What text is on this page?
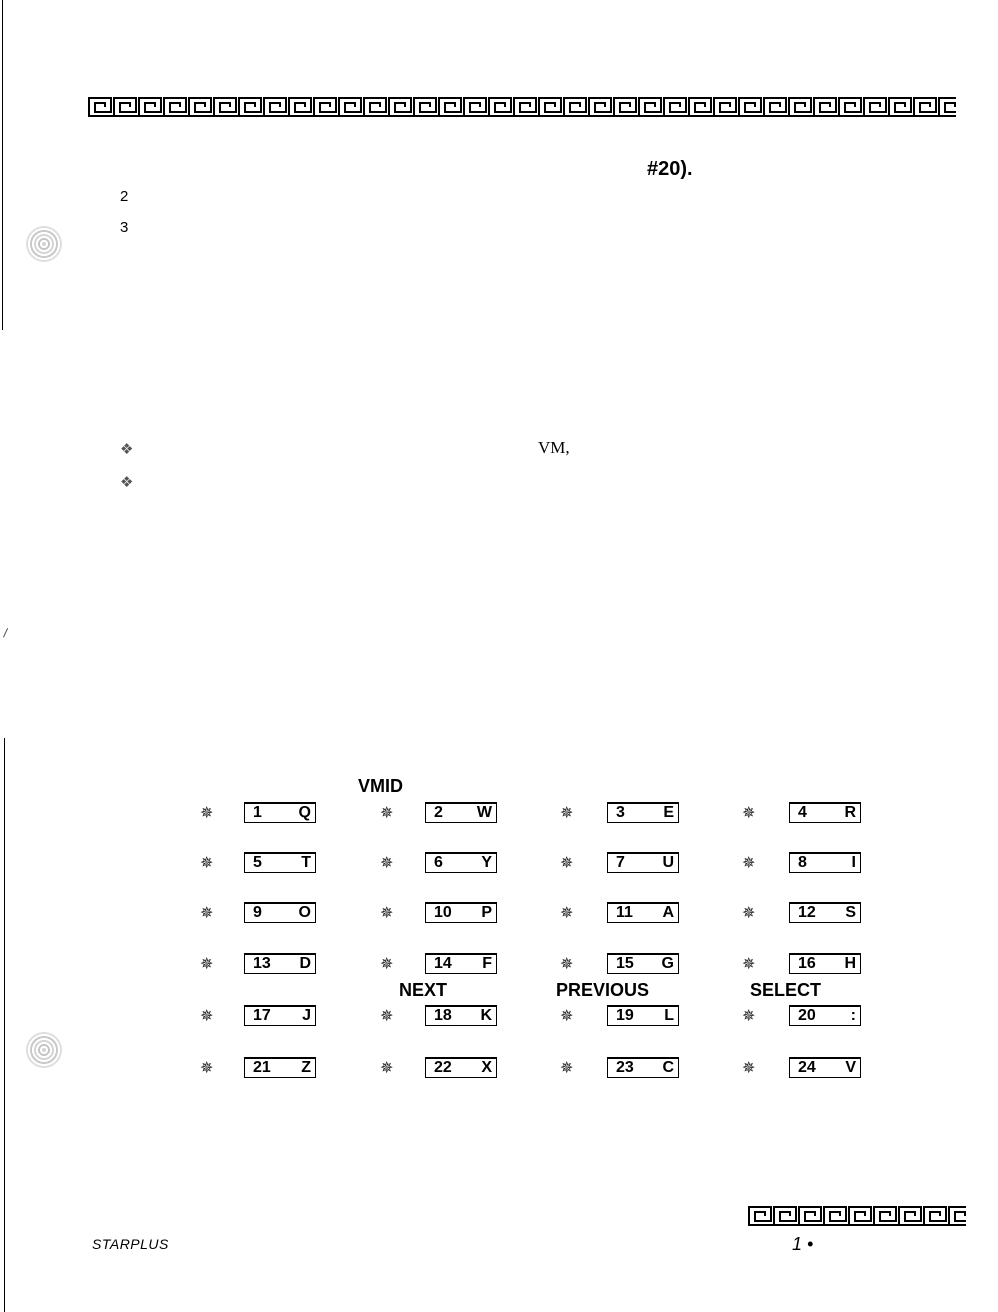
#20).
2
3
❖
❖
VM,
VMID
✵ 1 Q	✵	2 W	✵	3 E	✵	4 R
✵ 5 T	✵	6 Y	✵	7 U	✵	8	I
✵ 9 O	✵	10 P	✵	11 A	✵	12 S
✵ 13 D	✵	14 F	✵	15 G	✵	16 H
✵ 17 J	✵	18 K	✵	19 L	✵	20 :
✵ 21 Z	✵	22 X	✵	23 C	✵	24 V
NEXT	PREVIOUS	SELECT
STARPLUS	1 •
